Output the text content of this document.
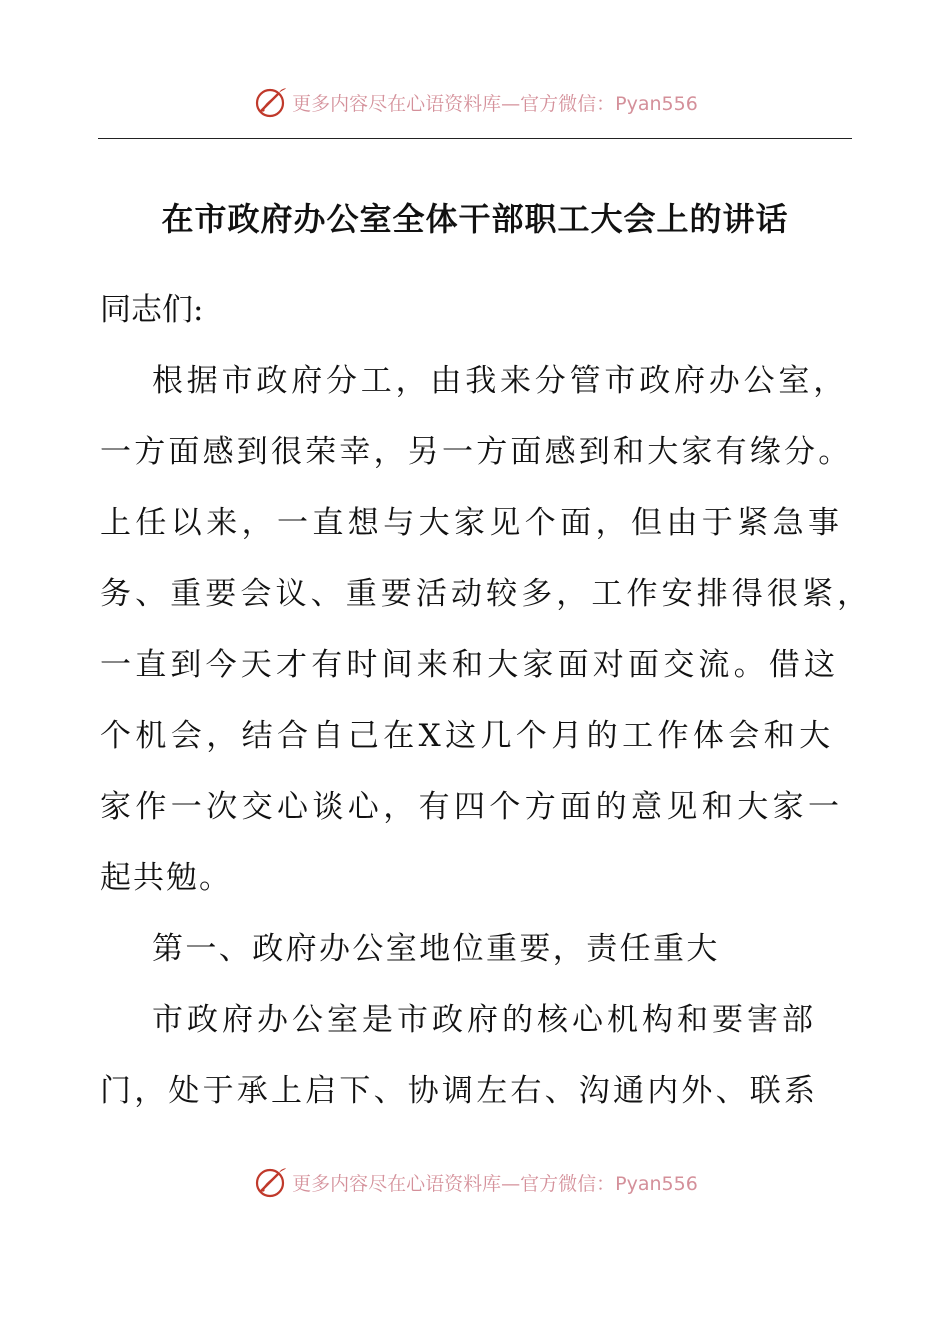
更多内容尽在心语资料库—官方微信：Pyan556
在市政府办公室全体干部职工大会上的讲话
同志们:
根据市政府分工，由我来分管市政府办公室，
一方面感到很荣幸，另一方面感到和大家有缘分。
上任以来，一直想与大家见个面，但由于紧急事
务、重要会议、重要活动较多，工作安排得很紧，
一直到今天才有时间来和大家面对面交流。借这
个机会，结合自己在X这几个月的工作体会和大
家作一次交心谈心，有四个方面的意见和大家一
起共勉。
第一、政府办公室地位重要，责任重大
市政府办公室是市政府的核心机构和要害部
门，处于承上启下、协调左右、沟通内外、联系
更多内容尽在心语资料库—官方微信：Pyan556
